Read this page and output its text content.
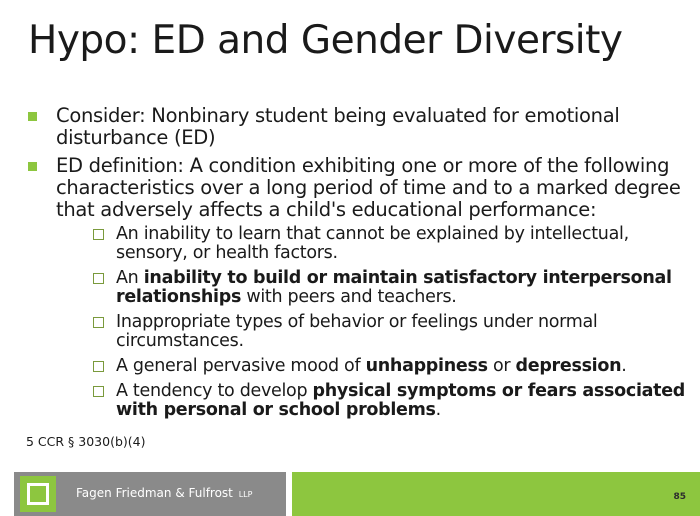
Hypo: ED and Gender Diversity
Consider: Nonbinary student being evaluated for emotional disturbance (ED)
ED definition: A condition exhibiting one or more of the following characteristics over a long period of time and to a marked degree that adversely affects a child's educational performance:
An inability to learn that cannot be explained by intellectual, sensory, or health factors.
An inability to build or maintain satisfactory interpersonal relationships with peers and teachers.
Inappropriate types of behavior or feelings under normal circumstances.
A general pervasive mood of unhappiness or depression.
A tendency to develop physical symptoms or fears associated with personal or school problems.
5 CCR § 3030(b)(4)
Fagen Friedman & Fulfrost LLP	85
